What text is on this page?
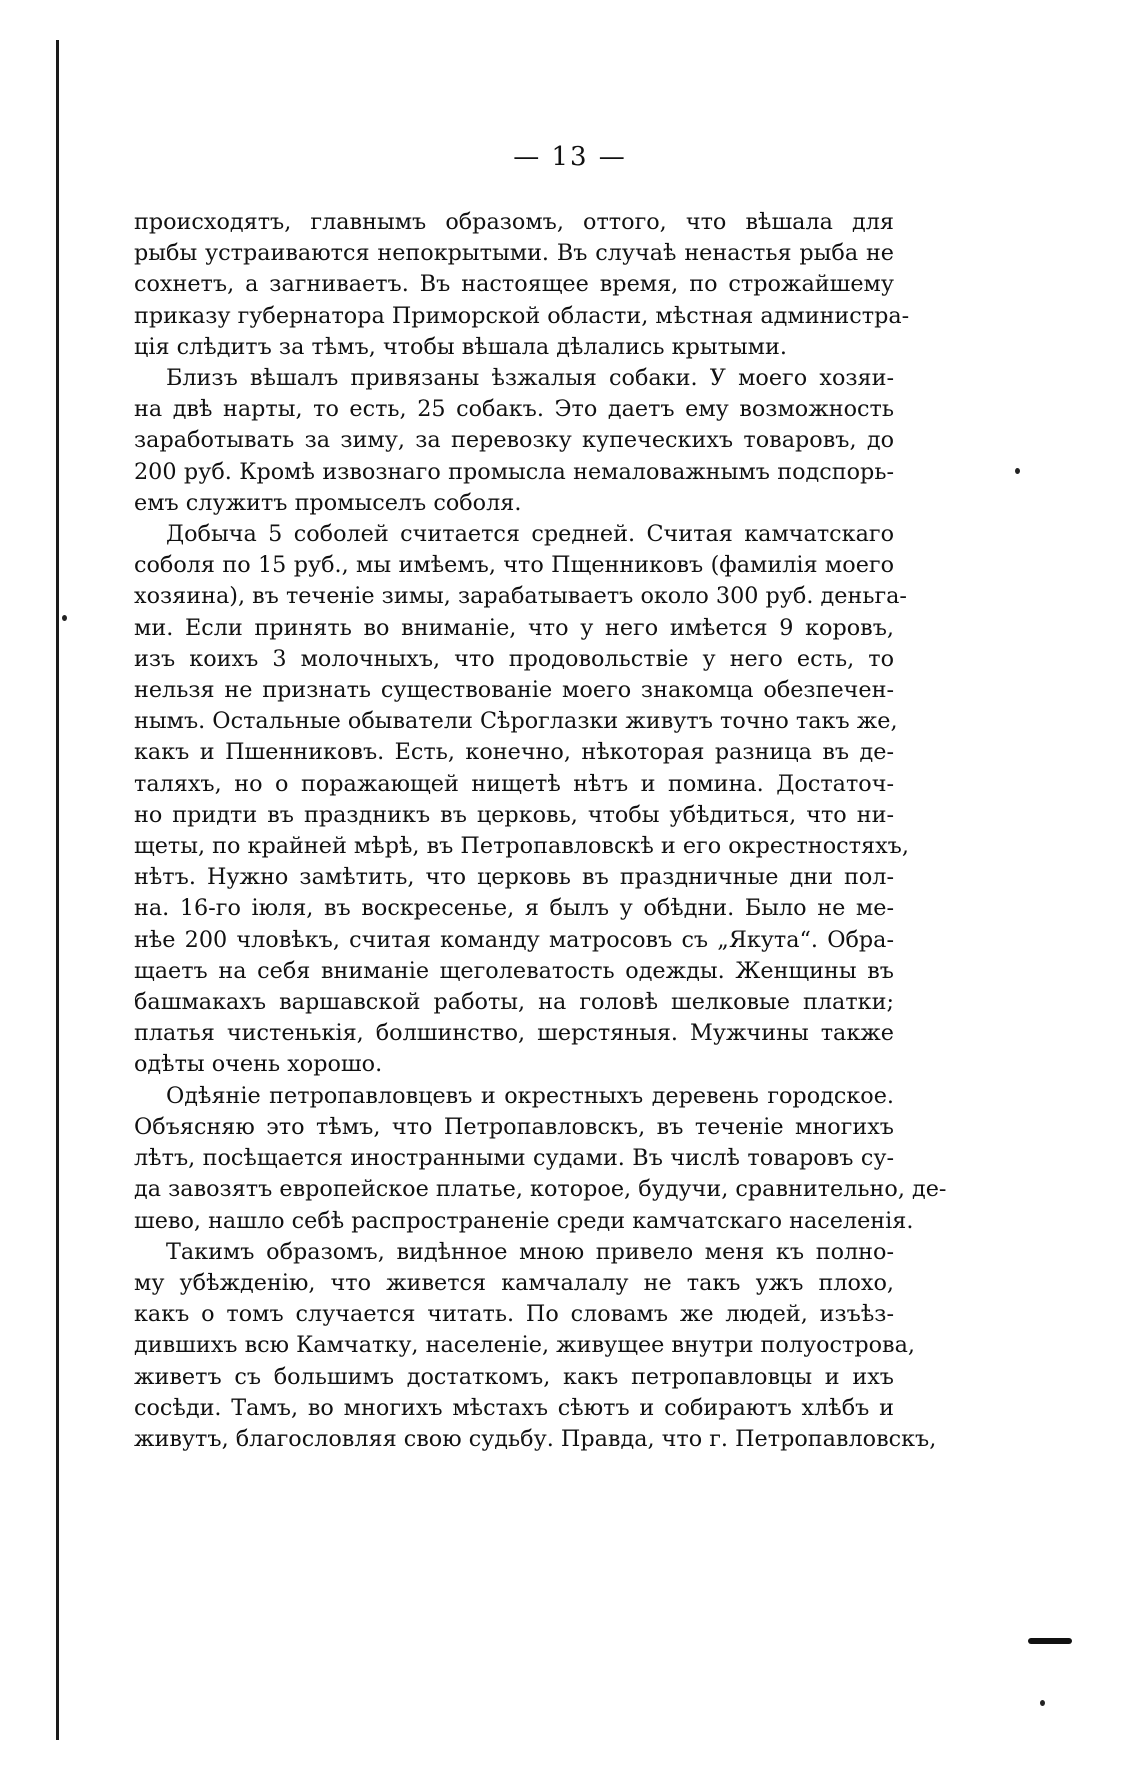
— 13 —

происходятъ, главнымъ образомъ, оттого, что вѣшала для
рыбы устраиваются непокрытыми. Въ случаѣ ненастья рыба не
сохнетъ, а загниваетъ. Въ настоящее время, по строжайшему
приказу губернатора Приморской области, мѣстная администра-
цiя слѣдитъ за тѣмъ, чтобы вѣшала дѣлались крытыми.

Близъ вѣшалъ привязаны ѣзжалыя собаки. У моего хозяи-
на двѣ нарты, то есть, 25 собакъ. Это даетъ ему возможность
заработывать за зиму, за перевозку купеческихъ товаровъ, до
200 руб. Кромѣ извознаго промысла немаловажнымъ подспорь-
емъ служитъ промыселъ соболя.

Добыча 5 соболей считается средней. Считая камчатскаго
соболя по 15 руб., мы имѣемъ, что Пщенниковъ (фамилiя моего
хозяина), въ теченiе зимы, зарабатываетъ около 300 руб. деньга-
ми. Если принять во вниманiе, что у него имѣется 9 коровъ,
изъ коихъ 3 молочныхъ, что продовольствiе у него есть, то
нельзя не признать существованiе моего знакомца обезпечен-
нымъ. Остальные обыватели Сѣроглазки живутъ точно такъ же,
какъ и Пшенниковъ. Есть, конечно, нѣкоторая разница въ де-
таляхъ, но о поражающей нищетѣ нѣтъ и помина. Достаточ-
но придти въ праздникъ въ церковь, чтобы убѣдиться, что ни-
щеты, по крайней мѣрѣ, въ Петропавловскѣ и его окрестностяхъ,
нѣтъ. Нужно замѣтить, что церковь въ праздничные дни пол-
на. 16-го iюля, въ воскресенье, я былъ у обѣдни. Было не ме-
нѣе 200 чловѣкъ, считая команду матросовъ съ „Якута“. Обра-
щаетъ на себя вниманiе щеголеватость одежды. Женщины въ
башмакахъ варшавской работы, на головѣ шелковые платки;
платья чистенькiя, болшинство, шерстяныя. Мужчины также
одѣты очень хорошо.

Одѣянiе петропавловцевъ и окрестныхъ деревень городское.
Объясняю это тѣмъ, что Петропавловскъ, въ теченiе многихъ
лѣтъ, посѣщается иностранными судами. Въ числѣ товаровъ су-
да завозятъ европейское платье, которое, будучи, сравнительно, де-
шево, нашло себѣ распространенiе среди камчатскаго населенiя.

Такимъ образомъ, видѣнное мною привело меня къ полно-
му убѣжденiю, что живется камчалалу не такъ ужъ плохо,
какъ о томъ случается читать. По словамъ же людей, изъѣз-
дившихъ всю Камчатку, населенiе, живущее внутри полуострова,
живетъ съ большимъ достаткомъ, какъ петропавловцы и ихъ
сосѣди. Тамъ, во многихъ мѣстахъ сѣютъ и собираютъ хлѣбъ и
живутъ, благословляя свою судьбу. Правда, что г. Петропавловскъ,
